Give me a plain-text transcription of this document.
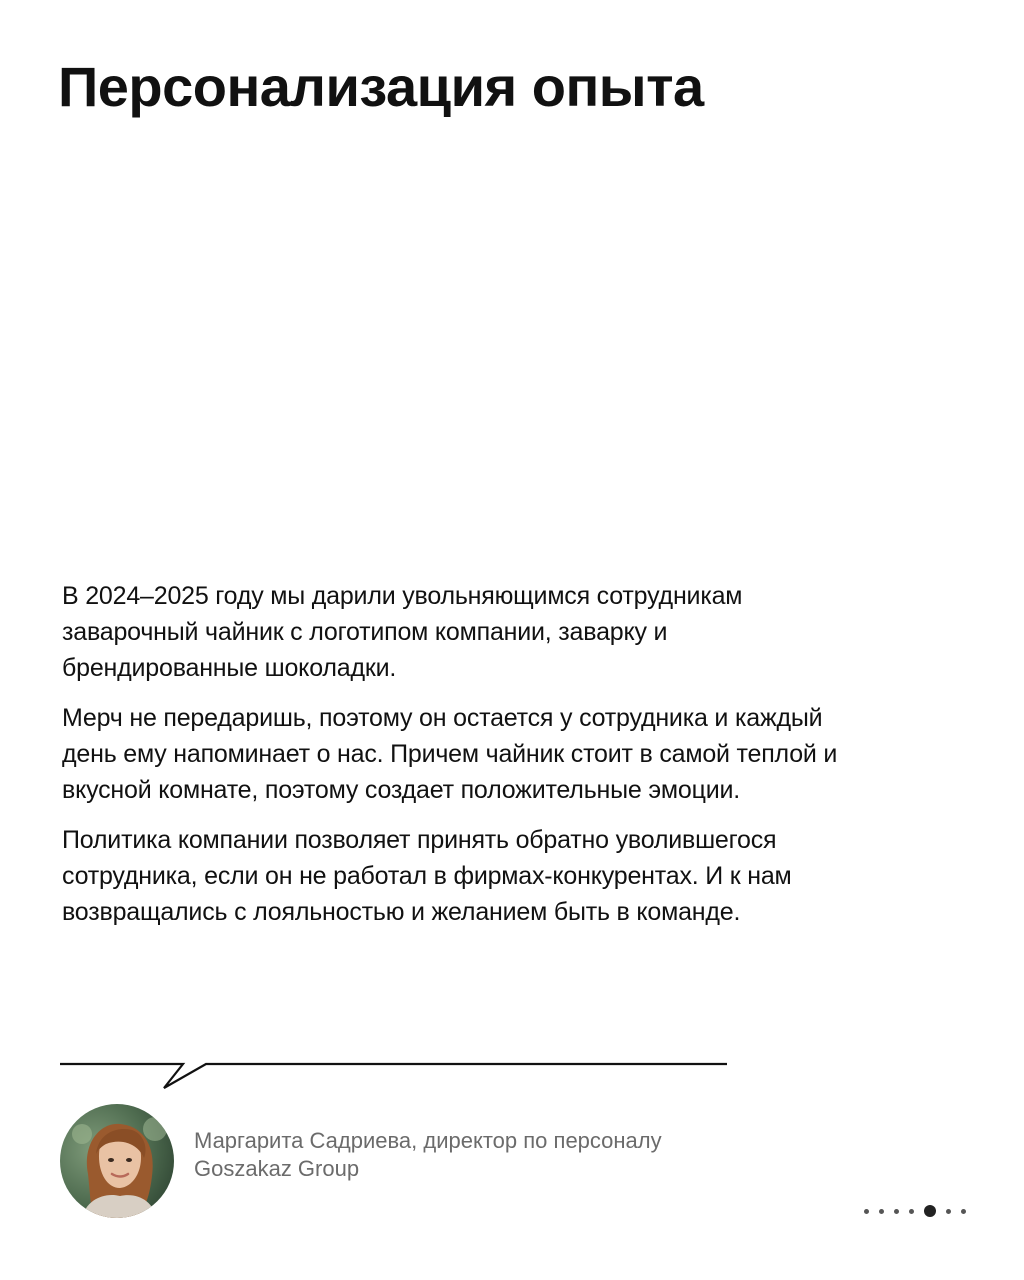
Персонализация опыта

В 2024–2025 году мы дарили увольняющимся сотрудникам заварочный чайник с логотипом компании, заварку и брендированные шоколадки.

Мерч не передаришь, поэтому он остается у сотрудника и каждый день ему напоминает о нас. Причем чайник стоит в самой теплой и вкусной комнате, поэтому создает положительные эмоции.

Политика компании позволяет принять обратно уволившегося сотрудника, если он не работал в фирмах-конкурентах. И к нам возвращались с лояльностью и желанием быть в команде.

Маргарита Садриева, директор по персоналу
Goszakaz Group
